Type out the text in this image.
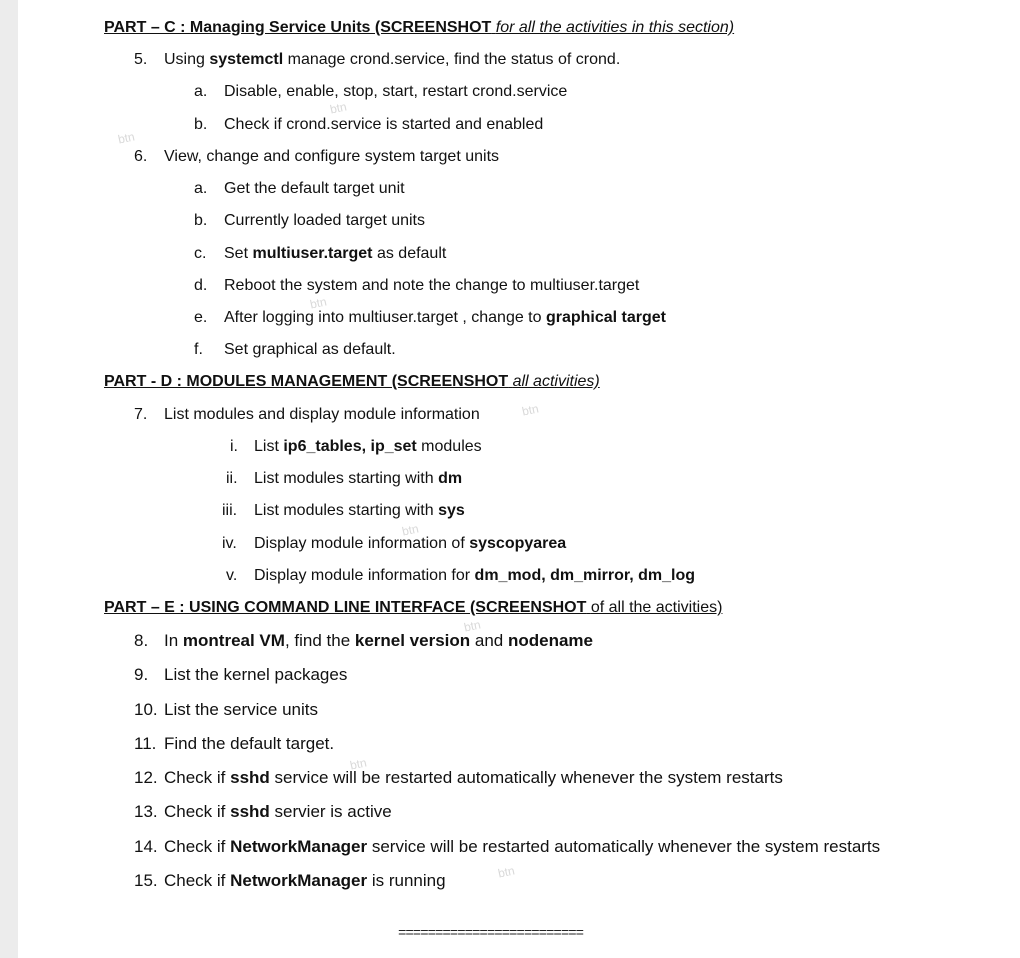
PART – C : Managing Service Units (SCREENSHOT for all the activities in this section)
5. Using systemctl manage crond.service, find the status of crond.
a. Disable, enable, stop, start, restart crond.service
b. Check if crond.service is started and enabled
6. View, change and configure system target units
a. Get the default target unit
b. Currently loaded target units
c. Set multiuser.target as default
d. Reboot the system and note the change to multiuser.target
e. After logging into multiuser.target , change to graphical target
f. Set graphical as default.
PART - D : MODULES MANAGEMENT (SCREENSHOT all activities)
7. List modules and display module information
i. List ip6_tables, ip_set modules
ii. List modules starting with dm
iii. List modules starting with sys
iv. Display module information of syscopyarea
v. Display module information for dm_mod, dm_mirror, dm_log
PART – E : USING COMMAND LINE INTERFACE (SCREENSHOT of all the activities)
8. In montreal VM, find the kernel version and nodename
9. List the kernel packages
10. List the service units
11. Find the default target.
12. Check if sshd service will be restarted automatically whenever the system restarts
13. Check if sshd servier is active
14. Check if NetworkManager service will be restarted automatically whenever the system restarts
15. Check if NetworkManager is running
=========================
btn
btn
btn
btn
btn
btn
btn
btn
